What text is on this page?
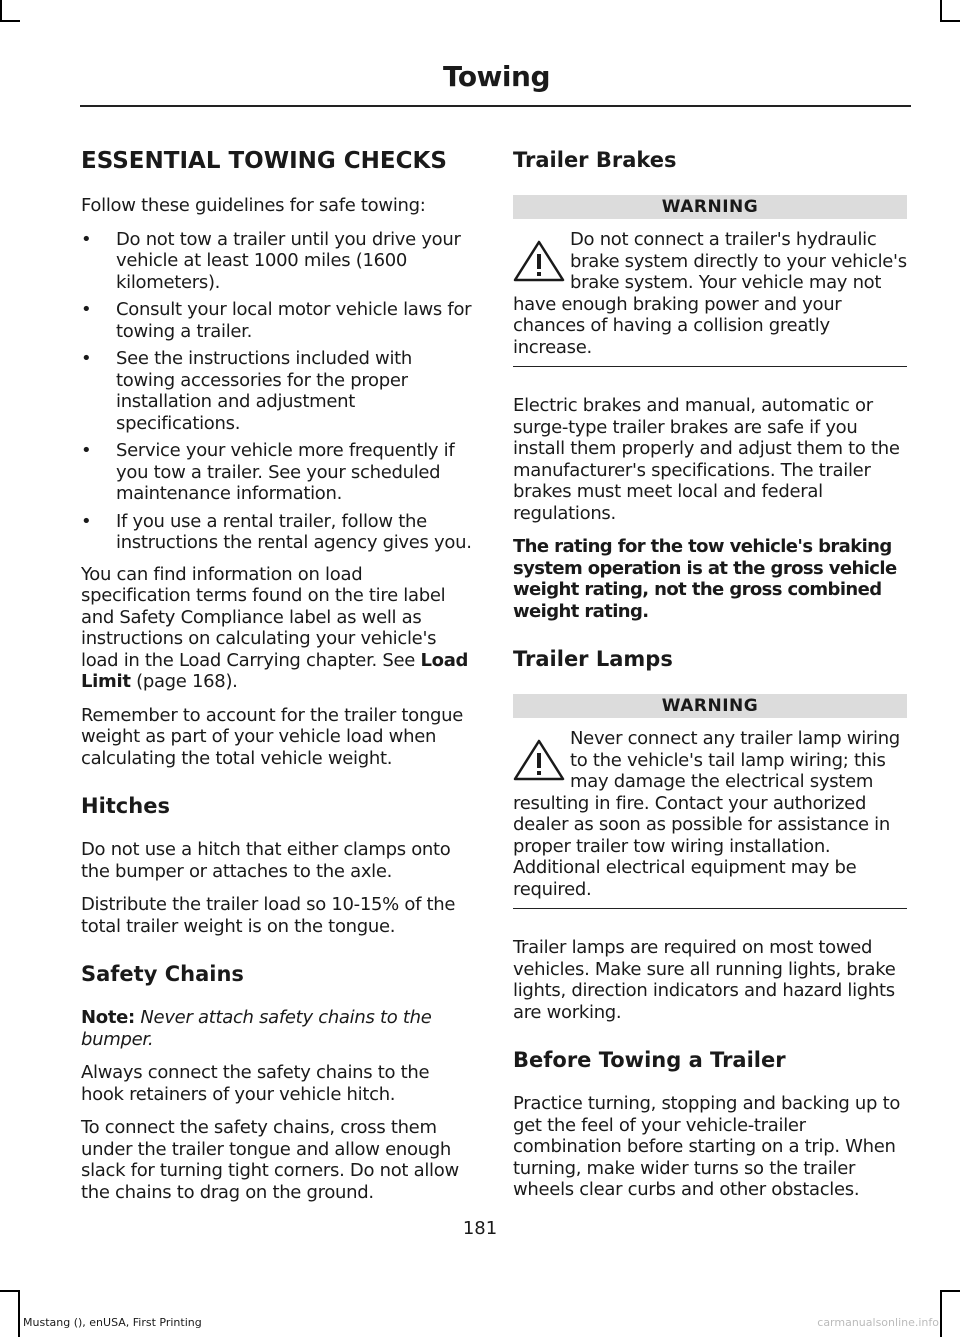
Towing
ESSENTIAL TOWING CHECKS

Follow these guidelines for safe towing:

• Do not tow a trailer until you drive your vehicle at least 1000 miles (1600 kilometers).
• Consult your local motor vehicle laws for towing a trailer.
• See the instructions included with towing accessories for the proper installation and adjustment specifications.
• Service your vehicle more frequently if you tow a trailer. See your scheduled maintenance information.
• If you use a rental trailer, follow the instructions the rental agency gives you.

You can find information on load specification terms found on the tire label and Safety Compliance label as well as instructions on calculating your vehicle's load in the Load Carrying chapter. See Load Limit (page 168).

Remember to account for the trailer tongue weight as part of your vehicle load when calculating the total vehicle weight.

Hitches

Do not use a hitch that either clamps onto the bumper or attaches to the axle.

Distribute the trailer load so 10-15% of the total trailer weight is on the tongue.

Safety Chains

Note: Never attach safety chains to the bumper.

Always connect the safety chains to the hook retainers of your vehicle hitch.

To connect the safety chains, cross them under the trailer tongue and allow enough slack for turning tight corners. Do not allow the chains to drag on the ground.

Trailer Brakes
WARNING
Do not connect a trailer's hydraulic brake system directly to your vehicle's brake system. Your vehicle may not have enough braking power and your chances of having a collision greatly increase.

Electric brakes and manual, automatic or surge-type trailer brakes are safe if you install them properly and adjust them to the manufacturer's specifications. The trailer brakes must meet local and federal regulations.

The rating for the tow vehicle's braking system operation is at the gross vehicle weight rating, not the gross combined weight rating.

Trailer Lamps
WARNING
Never connect any trailer lamp wiring to the vehicle's tail lamp wiring; this may damage the electrical system resulting in fire. Contact your authorized dealer as soon as possible for assistance in proper trailer tow wiring installation. Additional electrical equipment may be required.

Trailer lamps are required on most towed vehicles. Make sure all running lights, brake lights, direction indicators and hazard lights are working.

Before Towing a Trailer

Practice turning, stopping and backing up to get the feel of your vehicle-trailer combination before starting on a trip. When turning, make wider turns so the trailer wheels clear curbs and other obstacles.

181
Mustang (), enUSA, First Printing	carmanualsonline.info
